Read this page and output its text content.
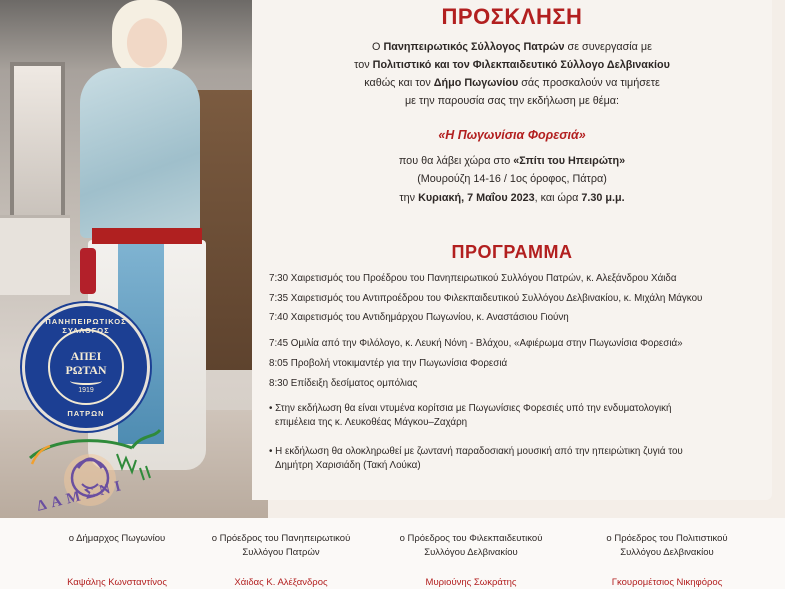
ΠΡΟΣΚΛΗΣΗ
Ο Πανηπειρωτικός Σύλλογος Πατρών σε συνεργασία με
τον Πολιτιστικό και τον Φιλεκπαιδευτικό Σύλλογο Δελβινακίου
καθώς και τον Δήμο Πωγωνίου σάς προσκαλούν να τιμήσετε
με την παρουσία σας την εκδήλωση με θέμα:
«Η Πωγωνίσια Φορεσιά»
που θα λάβει χώρα στο «Σπίτι του Ηπειρώτη»
(Μουρούζη 14-16 / 1ος όροφος, Πάτρα)
την Κυριακή, 7 Μαΐου 2023, και ώρα 7.30 μ.μ.
ΠΡΟΓΡΑΜΜΑ
7:30 Χαιρετισμός του Προέδρου του Πανηπειρωτικού Συλλόγου Πατρών, κ. Αλεξάνδρου Χάιδα
7:35 Χαιρετισμός του Αντιπροέδρου του Φιλεκπαιδευτικού Συλλόγου Δελβινακίου, κ. Μιχάλη Μάγκου
7:40 Χαιρετισμός του Αντιδημάρχου Πωγωνίου, κ. Αναστάσιου Γιούνη
7:45 Ομιλία από την Φιλόλογο, κ. Λευκή Νόνη - Βλάχου, «Αφιέρωμα στην Πωγωνίσια Φορεσιά»
8:05 Προβολή ντοκιμαντέρ για την Πωγωνίσια Φορεσιά
8:30 Επίδειξη δεσίματος ομπόλιας
• Στην εκδήλωση θα είναι ντυμένα κορίτσια με Πωγωνίσιες Φορεσιές υπό την ενδυματολογική
επιμέλεια της κ. Λευκοθέας Μάγκου–Ζαχάρη
• Η εκδήλωση θα ολοκληρωθεί με ζωντανή παραδοσιακή μουσική από την ηπειρώτικη ζυγιά του
Δημήτρη Χαρισιάδη (Τακή Λούκα)
ΠΑΝΗΠΕΙΡΩΤΙΚΟΣ ΣΥΛΛΟΓΟΣ
ΑΠΕΙ
ΡΩΤΑΝ
1919
ΠΑΤΡΩΝ
ΔΑΜΣΝΙ
ο Δήμαρχος Πωγωνίου
Καψάλης Κωνσταντίνος
ο Πρόεδρος του Πανηπειρωτικού
Συλλόγου Πατρών
Χάιδας Κ. Αλέξανδρος
ο Πρόεδρος του Φιλεκπαιδευτικού
Συλλόγου Δελβινακίου
Μυριούνης Σωκράτης
ο Πρόεδρος του Πολιτιστικού
Συλλόγου Δελβινακίου
Γκουρομέτσιος Νικηφόρος
